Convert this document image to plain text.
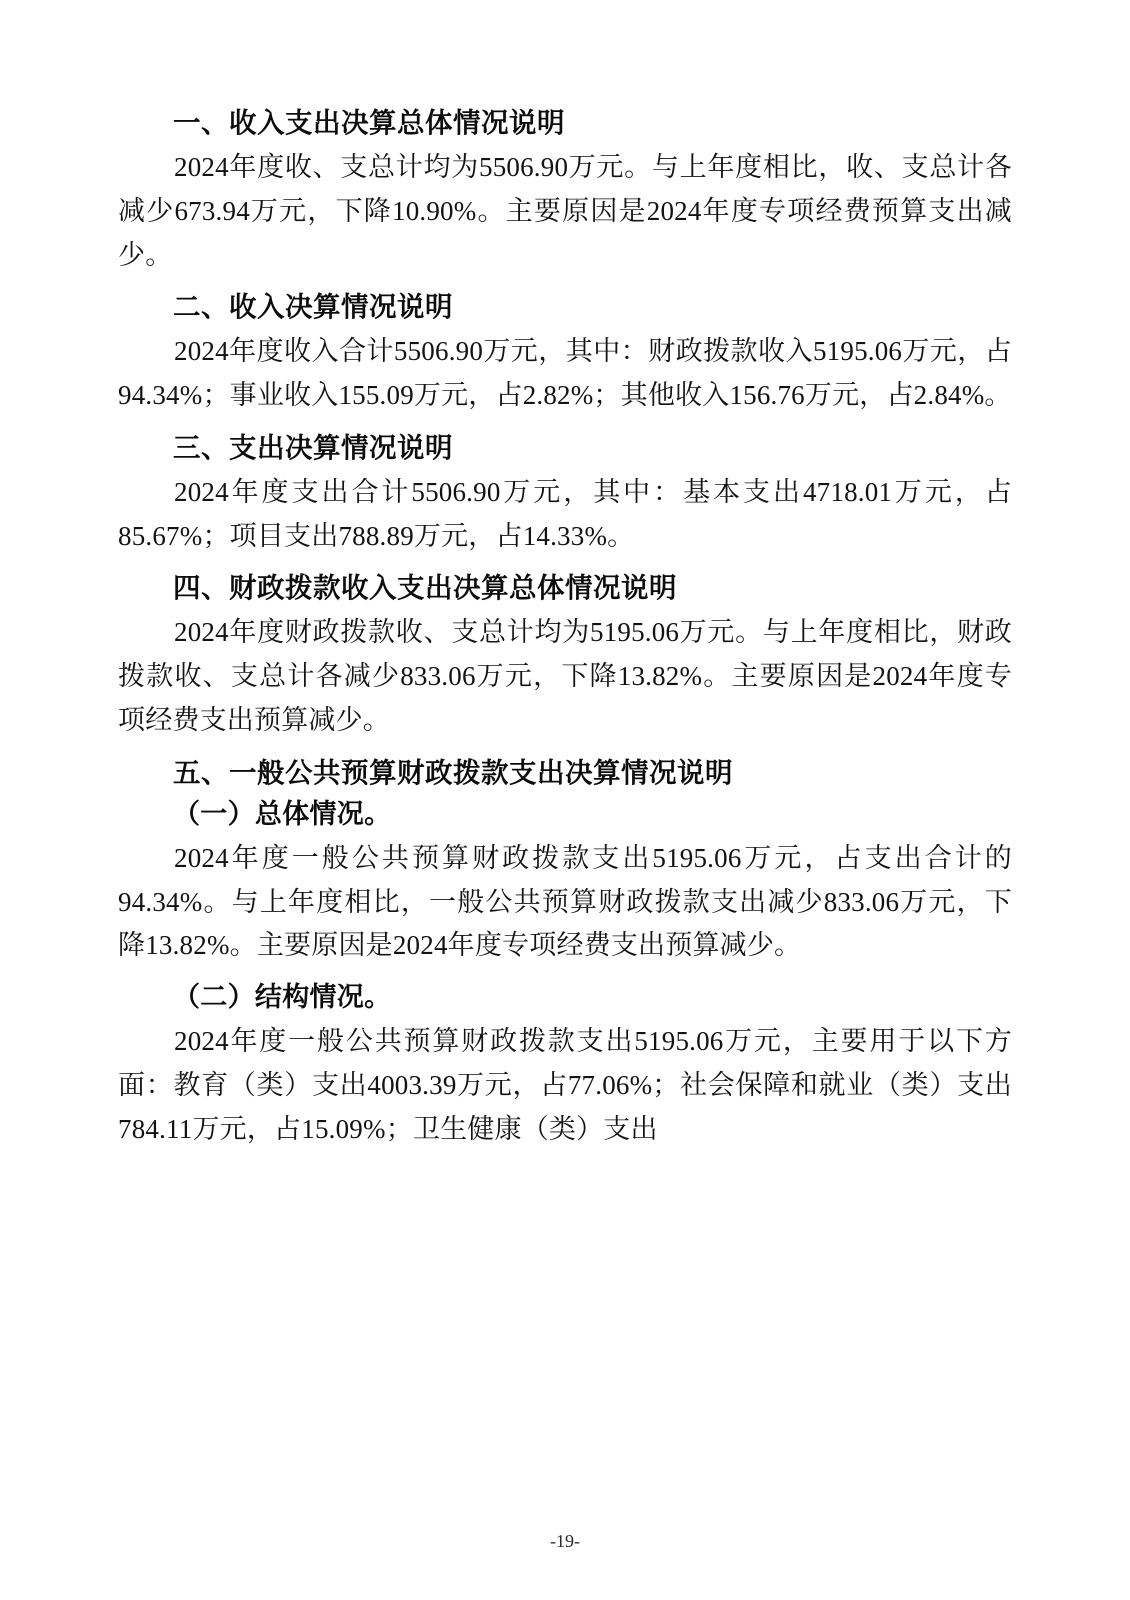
一、收入支出决算总体情况说明

2024年度收、支总计均为5506.90万元。与上年度相比，收、支总计各减少673.94万元，下降10.90%。主要原因是2024年度专项经费预算支出减少。

二、收入决算情况说明

2024年度收入合计5506.90万元，其中：财政拨款收入5195.06万元，占94.34%；事业收入155.09万元，占2.82%；其他收入156.76万元，占2.84%。

三、支出决算情况说明

2024年度支出合计5506.90万元，其中：基本支出4718.01万元，占85.67%；项目支出788.89万元，占14.33%。

四、财政拨款收入支出决算总体情况说明

2024年度财政拨款收、支总计均为5195.06万元。与上年度相比，财政拨款收、支总计各减少833.06万元，下降13.82%。主要原因是2024年度专项经费支出预算减少。

五、一般公共预算财政拨款支出决算情况说明
（一）总体情况。

2024年度一般公共预算财政拨款支出5195.06万元，占支出合计的94.34%。与上年度相比，一般公共预算财政拨款支出减少833.06万元，下降13.82%。主要原因是2024年度专项经费支出预算减少。

（二）结构情况。

2024年度一般公共预算财政拨款支出5195.06万元，主要用于以下方面：教育（类）支出4003.39万元，占77.06%；社会保障和就业（类）支出784.11万元，占15.09%；卫生健康（类）支出

-19-
